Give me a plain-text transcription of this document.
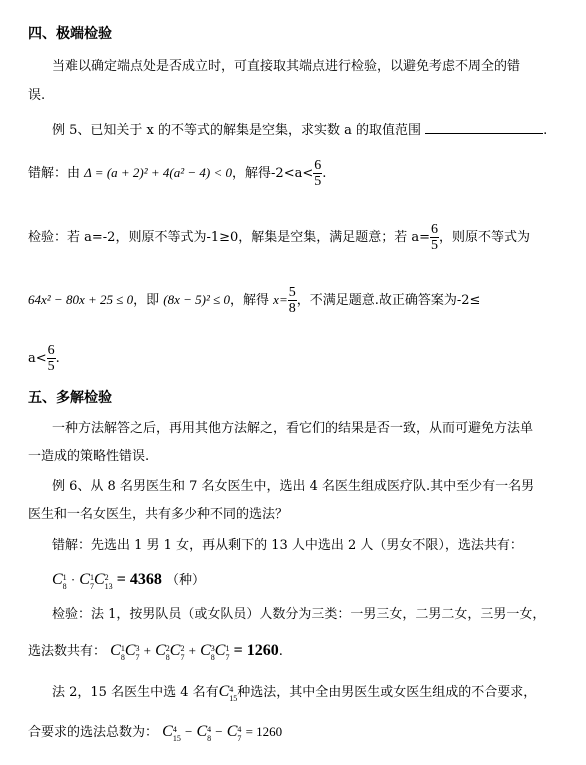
四、极端检验
当难以确定端点处是否成立时，可直接取其端点进行检验，以避免考虑不周全的错
误.
例 5、已知关于 x 的不等式的解集是空集，求实数 a 的取值范围	.
错解：由 Δ = (a + 2)² + 4(a² − 4) < 0，解得$-2<a< \frac{6}{5}$ .
检验：若 a=-2，则原不等式为-1≥0，解集是空集，满足题意；若 $a= \frac{6}{5}$ ，则原不等式为
64x² − 80x + 25 ≤ 0，即 (8x − 5)² ≤ 0，解得 $x= \frac{5}{8}$ ，不满足题意.故正确答案为-2≤
$a< \frac{6}{5}$ .
五、多解检验
一种方法解答之后，再用其他方法解之，看它们的结果是否一致，从而可避免方法单
一造成的策略性错误.
例 6、从 8 名男医生和 7 名女医生中，选出 4 名医生组成医疗队.其中至少有一名男
医生和一名女医生，共有多少种不同的选法？
错解：先选出 1 男 1 女，再从剩下的 13 人中选出 2 人（男女不限），选法共有：
C 1
8 · C 1
7 C 2
13 = 4368 （种）
检验：法 1，按男队员（或女队员）人数分为三类：一男三女，二男二女，三男一女，
选法数共有： C 1
8 C 3
7 + C 2
8 C 2
7 + C 3
8 C 1
7 = 1260.
法 2，15 名医生中选 4 名有C 4
15 种选法，其中全由男医生或女医生组成的不合要求，
合要求的选法总数为： C 4
15 − C 4
8 − C 4
7 = 1260
